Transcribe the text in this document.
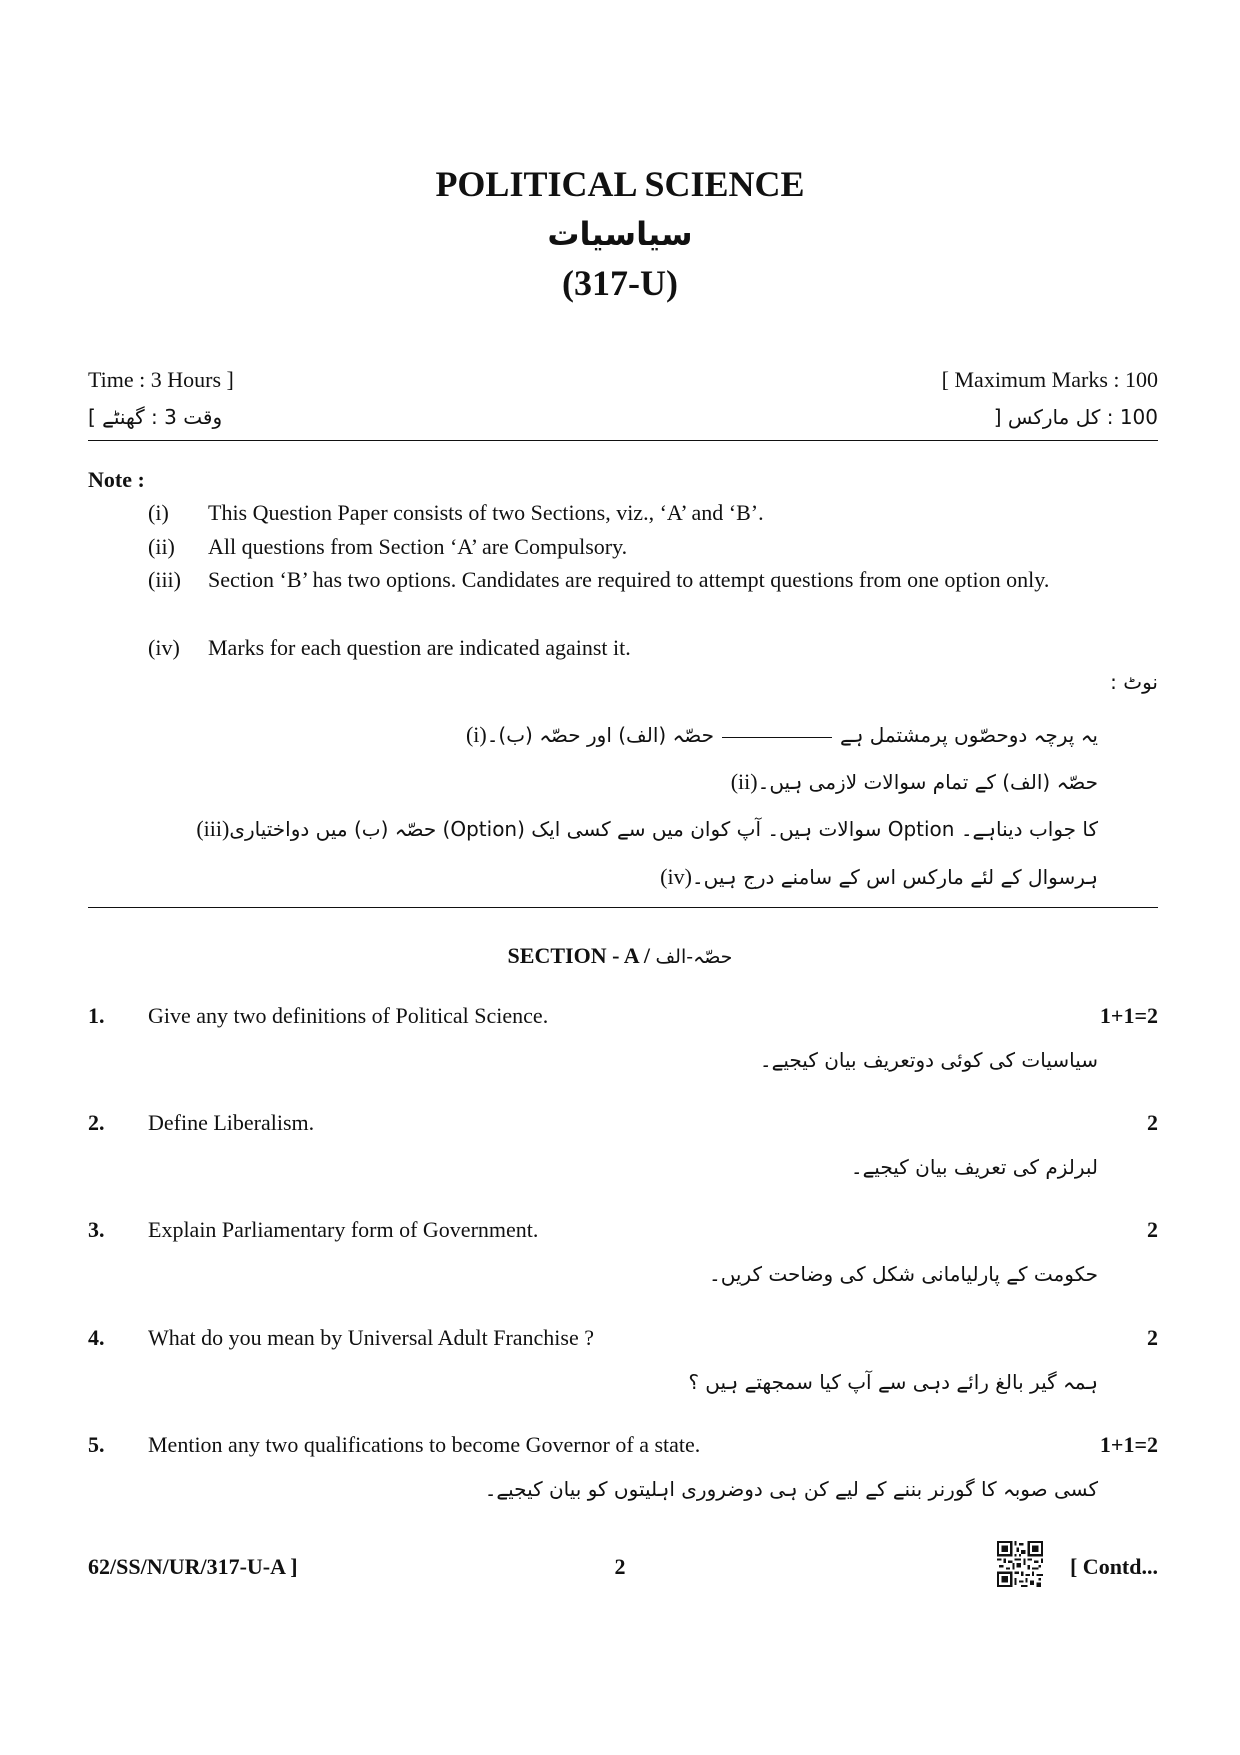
POLITICAL SCIENCE
سیاسیات
(317-U)
Time : 3 Hours ]	[ Maximum Marks : 100
وقت 3 : گھنٹے ]	100 : کل مارکس [
Note :
(i)	This Question Paper consists of two Sections, viz., ‘A’ and ‘B’.
(ii)	All questions from Section ‘A’ are Compulsory.
(iii)	Section ‘B’ has two options. Candidates are required to attempt questions from one option only.
(iv)	Marks for each question are indicated against it.
نوٹ :
(i)	یہ پرچہ دوحصّوں پرمشتمل ہےحصّہ (الف) اور حصّہ (ب)۔
(ii)حصّہ (الف) کے تمام سوالات لازمی ہیں۔
(iii)حصّہ (ب) میں دواختیاری (Option) سوالات ہیں۔ آپ کوان میں سے کسی ایک Option کا جواب دیناہے۔
(iv)ہرسوال کے لئے مارکس اس کے سامنے درج ہیں۔
SECTION - A / حصّہ-الف
1. Give any two definitions of Political Science.	1+1=2
سیاسیات کی کوئی دوتعریف بیان کیجیے۔
2. Define Liberalism.	2
لبرلزم کی تعریف بیان کیجیے۔
3. Explain Parliamentary form of Government.	2
حکومت کے پارلیامانی شکل کی وضاحت کریں۔
4. What do you mean by Universal Adult Franchise ?	2
ہمہ گیر بالغ رائے دہی سے آپ کیا سمجھتے ہیں ؟
5. Mention any two qualifications to become Governor of a state.	1+1=2
کسی صوبہ کا گورنر بننے کے لیے کن ہی دوضروری اہلیتوں کو بیان کیجیے۔
62/SS/N/UR/317-U-A ]	2	[ Contd...
